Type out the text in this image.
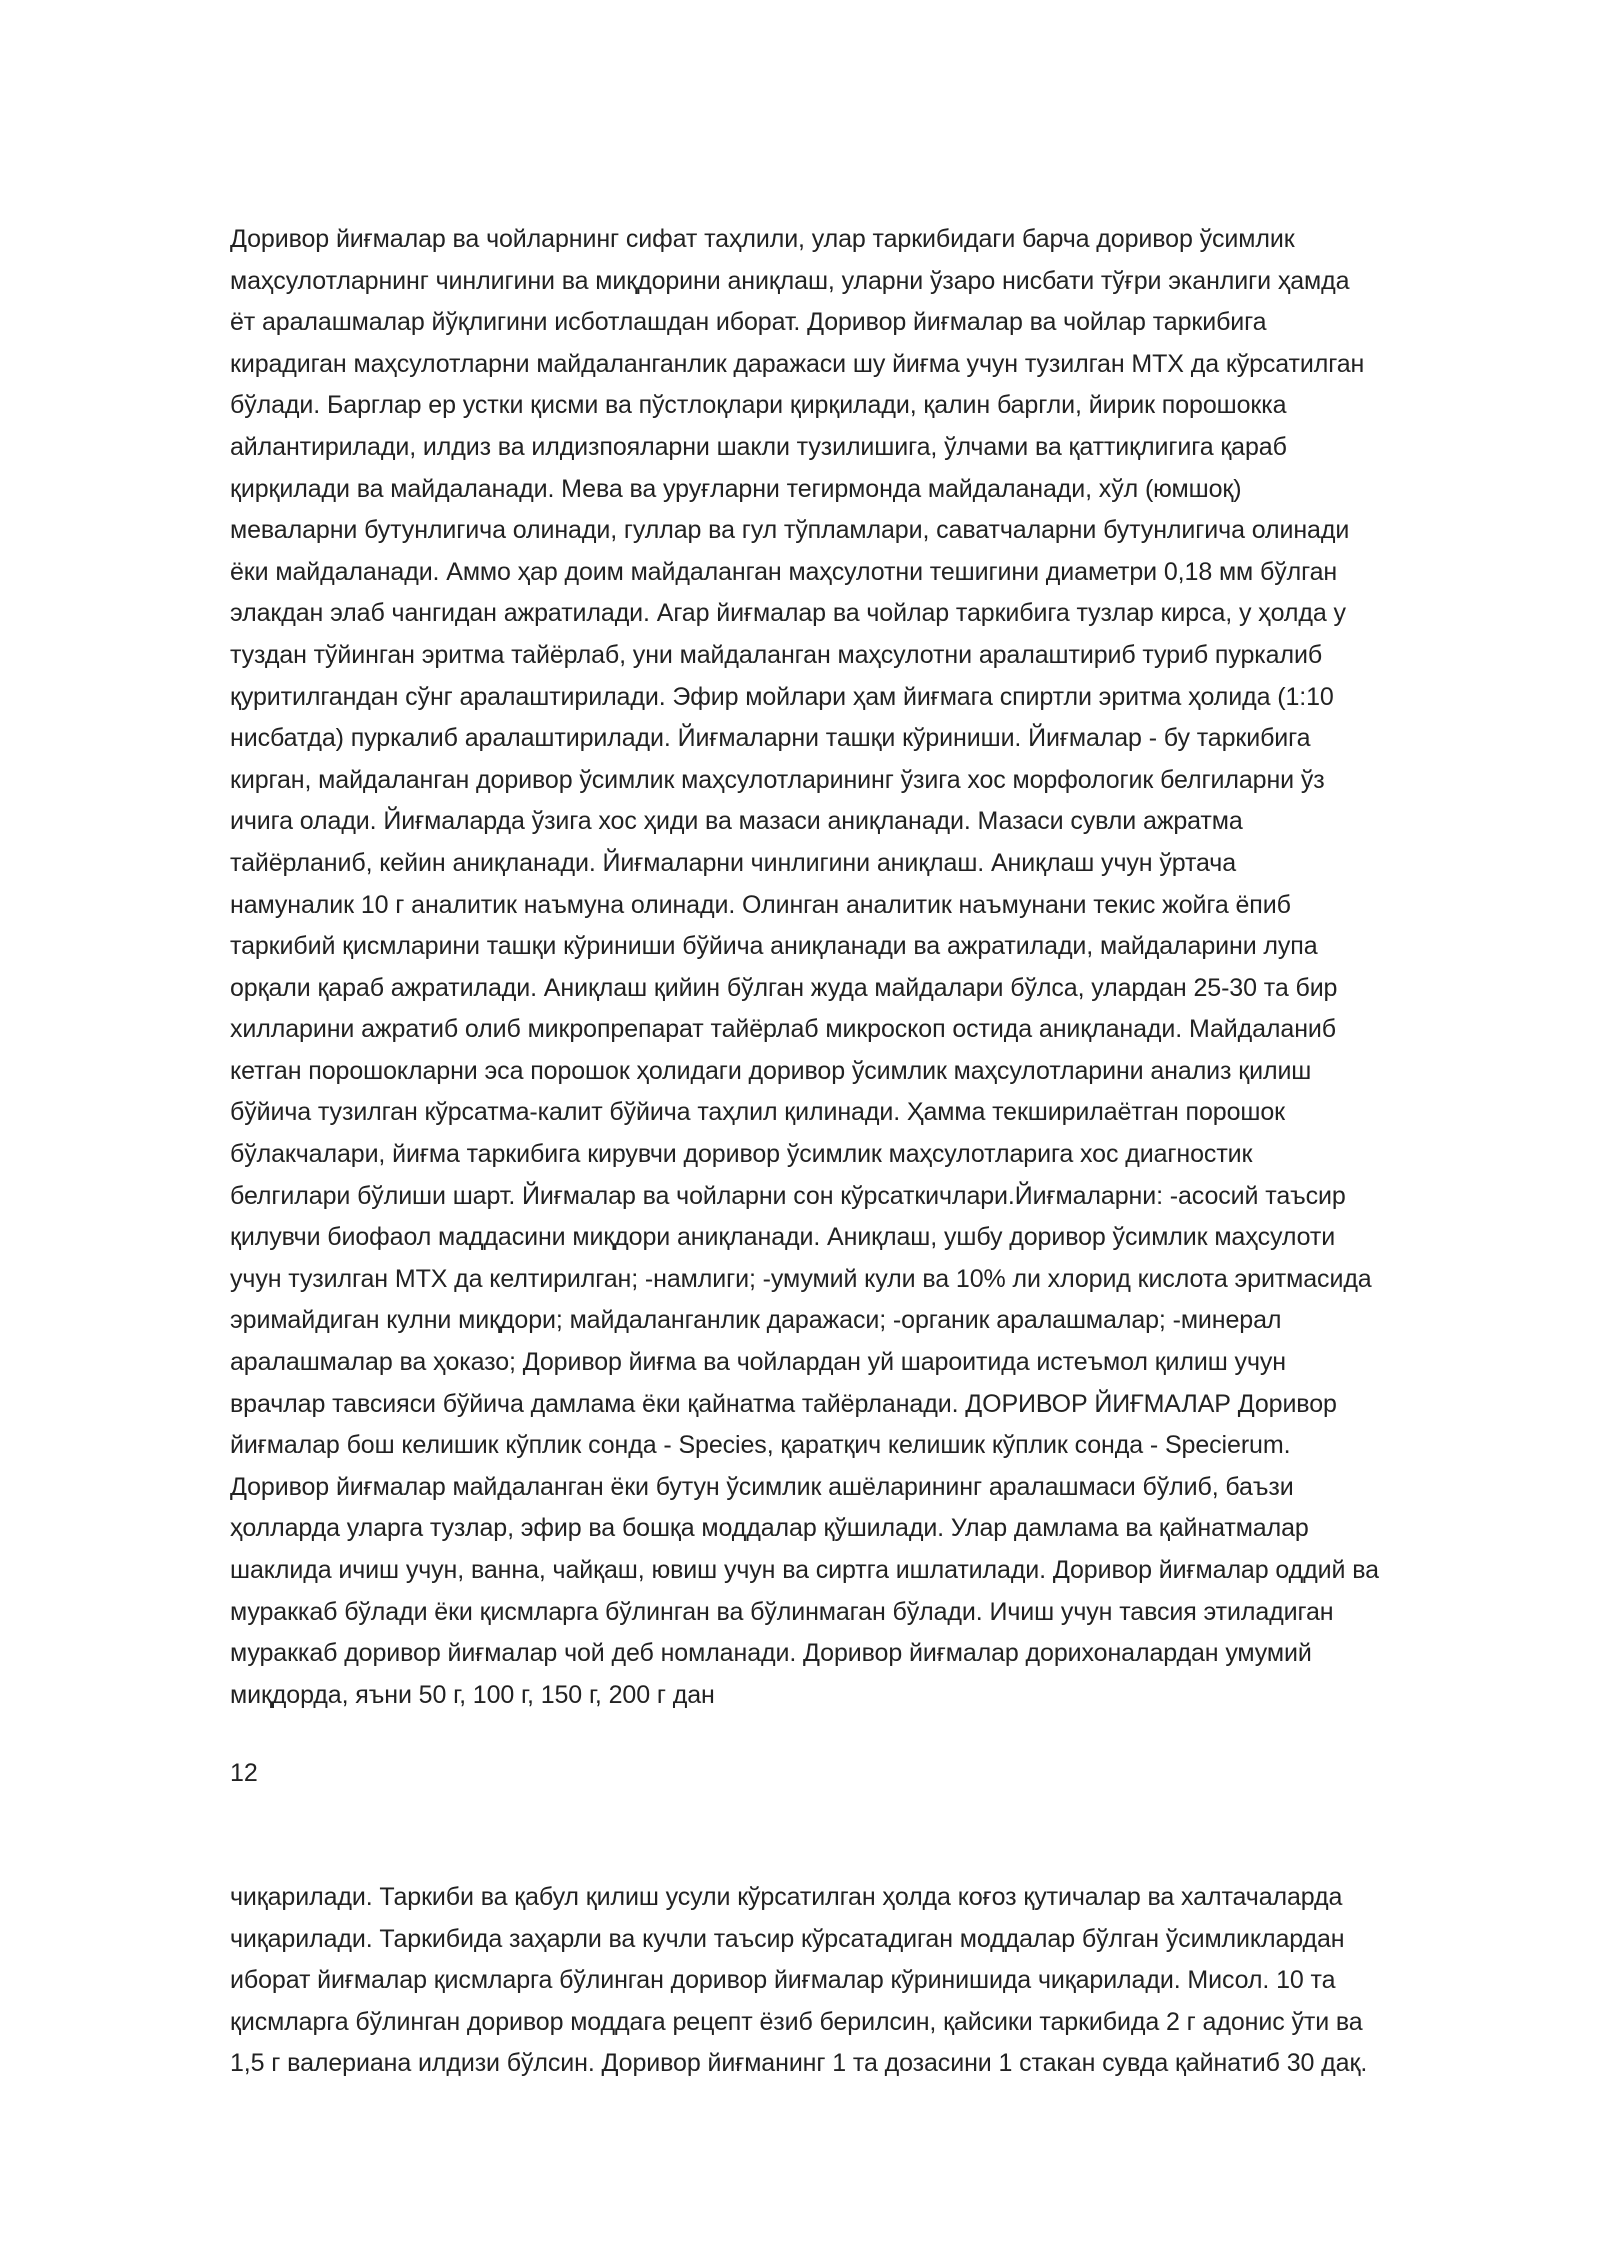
Доривор йиғмалар ва чойларнинг сифат таҳлили, улар таркибидаги барча доривор ўсимлик
маҳсулотларнинг чинлигини ва миқдорини аниқлаш, уларни ўзаро нисбати тўғри эканлиги ҳамда
ёт аралашмалар йўқлигини исботлашдан иборат. Доривор йиғмалар ва чойлар таркибига
кирадиган маҳсулотларни майдаланганлик даражаси шу йиғма учун тузилган МТХ да кўрсатилган
бўлади. Барглар ер устки қисми ва пўстлоқлари қирқилади, қалин баргли, йирик порошокка
айлантирилади, илдиз ва илдизпояларни шакли тузилишига, ўлчами ва қаттиқлигига қараб
қирқилади ва майдаланади. Мева ва уруғларни тегирмонда майдаланади, хўл (юмшоқ)
меваларни бутунлигича олинади, гуллар ва гул тўпламлари, саватчаларни бутунлигича олинади
ёки майдаланади. Аммо ҳар доим майдаланган маҳсулотни тешигини диаметри 0,18 мм бўлган
элакдан элаб чангидан ажратилади. Агар йиғмалар ва чойлар таркибига тузлар кирса, у ҳолда у
туздан тўйинган эритма тайёрлаб, уни майдаланган маҳсулотни аралаштириб туриб пуркалиб
қуритилгандан сўнг аралаштирилади. Эфир мойлари ҳам йиғмага спиртли эритма ҳолида (1:10
нисбатда) пуркалиб аралаштирилади. Йиғмаларни ташқи кўриниши. Йиғмалар - бу таркибига
кирган, майдаланган доривор ўсимлик маҳсулотларининг ўзига хос морфологик белгиларни ўз
ичига олади. Йиғмаларда ўзига хос ҳиди ва мазаси аниқланади. Мазаси сувли ажратма
тайёрланиб, кейин аниқланади. Йиғмаларни чинлигини аниқлаш. Аниқлаш учун ўртача
намуналик 10 г аналитик наъмуна олинади. Олинган аналитик наъмунани текис жойга ёпиб
таркибий қисмларини ташқи кўриниши бўйича аниқланади ва ажратилади, майдаларини лупа
орқали қараб ажратилади. Аниқлаш қийин бўлган жуда майдалари бўлса, улардан 25-30 та бир
хилларини ажратиб олиб микропрепарат тайёрлаб микроскоп остида аниқланади. Майдаланиб
кетган порошокларни эса порошок ҳолидаги доривор ўсимлик маҳсулотларини анализ қилиш
бўйича тузилган кўрсатма-калит бўйича таҳлил қилинади. Ҳамма текширилаётган порошок
бўлакчалари, йиғма таркибига кирувчи доривор ўсимлик маҳсулотларига хос диагностик
белгилари бўлиши шарт. Йиғмалар ва чойларни сон кўрсаткичлари.Йиғмаларни: -асосий таъсир
қилувчи биофаол маддасини миқдори аниқланади. Аниқлаш, ушбу доривор ўсимлик маҳсулоти
учун тузилган МТХ да келтирилган; -намлиги; -умумий кули ва 10% ли хлорид кислота эритмасида
эримайдиган кулни миқдори; майдаланганлик даражаси; -органик аралашмалар; -минерал
аралашмалар ва ҳоказо; Доривор йиғма ва чойлардан уй шароитида истеъмол қилиш учун
врачлар тавсияси бўйича дамлама ёки қайнатма тайёрланади. ДОРИВОР ЙИҒМАЛАР Доривор
йиғмалар бош келишик кўплик сонда - Species, қаратқич келишик кўплик сонда - Specierum.
Доривор йиғмалар майдаланган ёки бутун ўсимлик ашёларининг аралашмаси бўлиб, баъзи
ҳолларда уларга тузлар, эфир ва бошқа моддалар қўшилади. Улар дамлама ва қайнатмалар
шаклида ичиш учун, ванна, чайқаш, ювиш учун ва сиртга ишлатилади. Доривор йиғмалар оддий ва
мураккаб бўлади ёки қисмларга бўлинган ва бўлинмаган бўлади. Ичиш учун тавсия этиладиган
мураккаб доривор йиғмалар чой деб номланади. Доривор йиғмалар дорихоналардан умумий
миқдорда, яъни 50 г, 100 г, 150 г, 200 г дан
12
чиқарилади. Таркиби ва қабул қилиш усули кўрсатилган ҳолда коғоз қутичалар ва халтачаларда
чиқарилади. Таркибида заҳарли ва кучли таъсир кўрсатадиган моддалар бўлган ўсимликлардан
иборат йиғмалар қисмларга бўлинган доривор йиғмалар кўринишида чиқарилади. Мисол. 10 та
қисмларга бўлинган доривор моддага рецепт ёзиб берилсин, қайсики таркибида 2 г адонис ўти ва
1,5 г валериана илдизи бўлсин. Доривор йиғманинг 1 та дозасини 1 стакан сувда қайнатиб 30 дақ.
